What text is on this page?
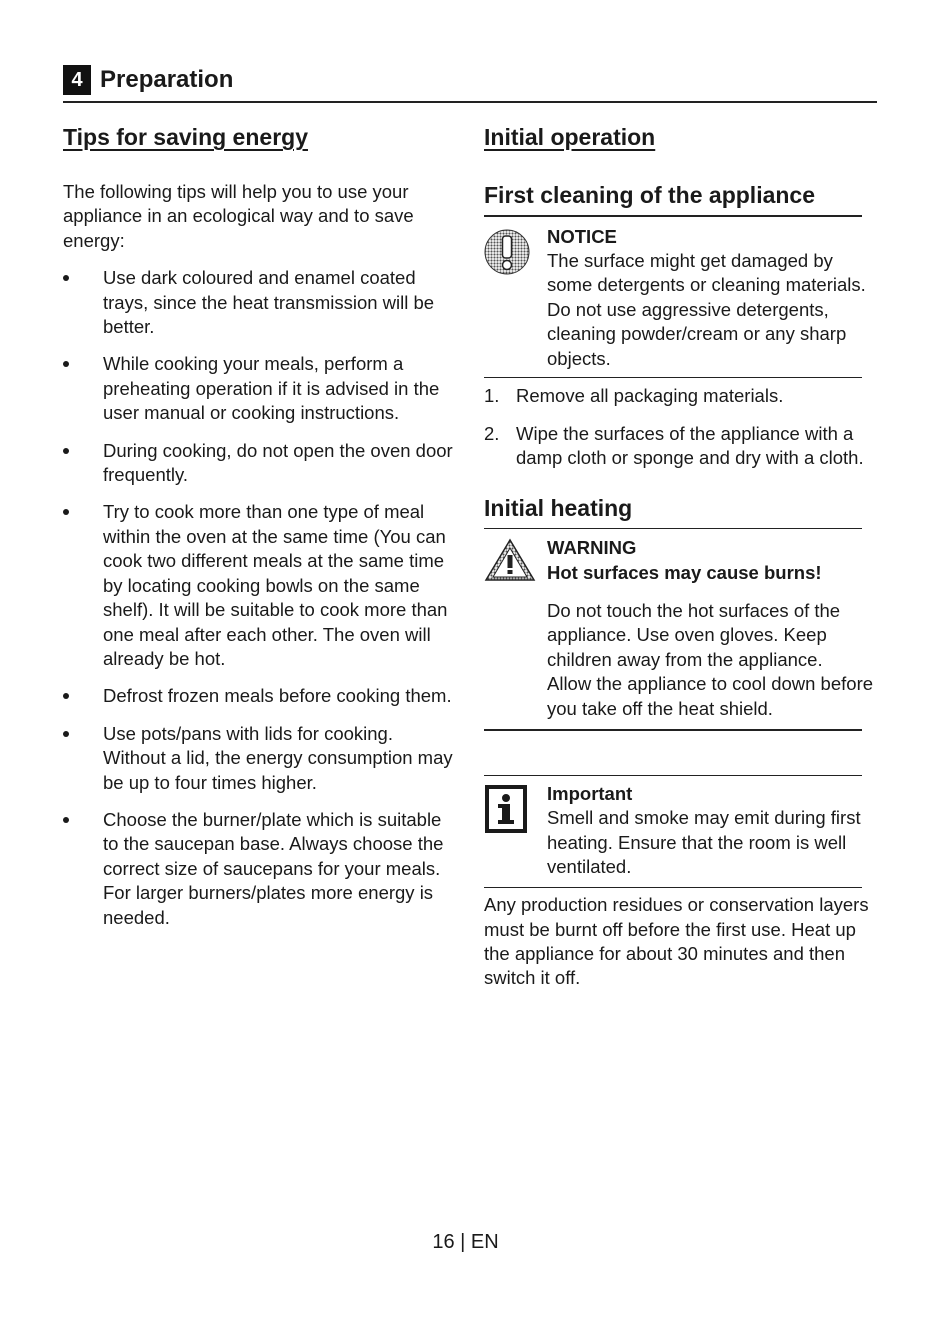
4 Preparation
Tips for saving energy
The following tips will help you to use your appliance in an ecological way and to save energy:
Use dark coloured and enamel coated trays, since the heat transmission will be better.
While cooking your meals, perform a preheating operation if it is advised in the user manual or cooking instructions.
During cooking, do not open the oven door frequently.
Try to cook more than one type of meal within the oven at the same time (You can cook two different meals at the same time by locating cooking bowls on the same shelf). It will be suitable to cook more than one meal after each other. The oven will already be hot.
Defrost frozen meals before cooking them.
Use pots/pans with lids for cooking. Without a lid, the energy consumption may be up to four times higher.
Choose the burner/plate which is suitable to the saucepan base. Always choose the correct size of saucepans for your meals. For larger burners/plates more energy is needed.
Initial operation
First cleaning of the appliance
NOTICE

The surface might get damaged by some detergents or cleaning materials.

Do not use aggressive detergents, cleaning powder/cream or any sharp objects.

1. Remove all packaging materials.
2. Wipe the surfaces of the appliance with a damp cloth or sponge and dry with a cloth.
Initial heating
WARNING
Hot surfaces may cause burns!

Do not touch the hot surfaces of the appliance. Use oven gloves. Keep children away from the appliance.

Allow the appliance to cool down before you take off the heat shield.

Important

Smell and smoke may emit during first heating. Ensure that the room is well ventilated.

Any production residues or conservation layers must be burnt off before the first use. Heat up the appliance for about 30 minutes and then switch it off.
16 | EN
